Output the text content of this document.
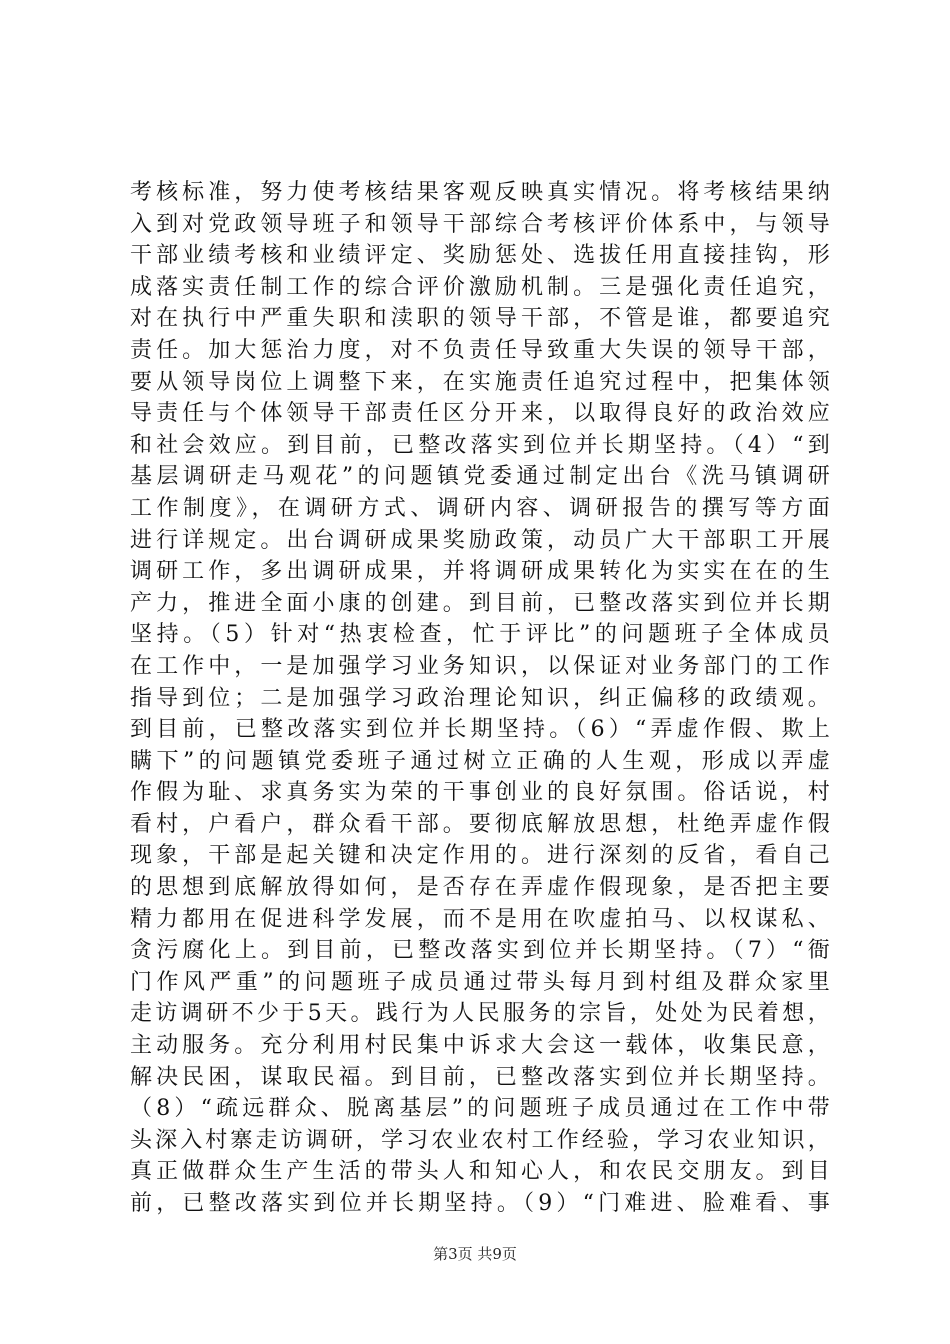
考核标准，努力使考核结果客观反映真实情况。将考核结果纳
入到对党政领导班子和领导干部综合考核评价体系中，与领导
干部业绩考核和业绩评定、奖励惩处、选拔任用直接挂钩，形
成落实责任制工作的综合评价激励机制。三是强化责任追究，
对在执行中严重失职和渎职的领导干部，不管是谁，都要追究
责任。加大惩治力度，对不负责任导致重大失误的领导干部，
要从领导岗位上调整下来，在实施责任追究过程中，把集体领
导责任与个体领导干部责任区分开来，以取得良好的政治效应
和社会效应。到目前，已整改落实到位并长期坚持。（4）“到
基层调研走马观花”的问题镇党委通过制定出台《洗马镇调研
工作制度》，在调研方式、调研内容、调研报告的撰写等方面
进行详规定。出台调研成果奖励政策，动员广大干部职工开展
调研工作，多出调研成果，并将调研成果转化为实实在在的生
产力，推进全面小康的创建。到目前，已整改落实到位并长期
坚持。（5）针对“热衷检查，忙于评比”的问题班子全体成员
在工作中，一是加强学习业务知识，以保证对业务部门的工作
指导到位；二是加强学习政治理论知识，纠正偏移的政绩观。
到目前，已整改落实到位并长期坚持。（6）“弄虚作假、欺上
瞒下”的问题镇党委班子通过树立正确的人生观，形成以弄虚
作假为耻、求真务实为荣的干事创业的良好氛围。俗话说，村
看村，户看户，群众看干部。要彻底解放思想，杜绝弄虚作假
现象，干部是起关键和决定作用的。进行深刻的反省，看自己
的思想到底解放得如何，是否存在弄虚作假现象，是否把主要
精力都用在促进科学发展，而不是用在吹虚拍马、以权谋私、
贪污腐化上。到目前，已整改落实到位并长期坚持。（7）“衙
门作风严重”的问题班子成员通过带头每月到村组及群众家里
走访调研不少于5天。践行为人民服务的宗旨，处处为民着想，
主动服务。充分利用村民集中诉求大会这一载体，收集民意，
解决民困，谋取民福。到目前，已整改落实到位并长期坚持。
（8）“疏远群众、脱离基层”的问题班子成员通过在工作中带
头深入村寨走访调研，学习农业农村工作经验，学习农业知识，
真正做群众生产生活的带头人和知心人，和农民交朋友。到目
前，已整改落实到位并长期坚持。（9）“门难进、脸难看、事
第3页 共9页
